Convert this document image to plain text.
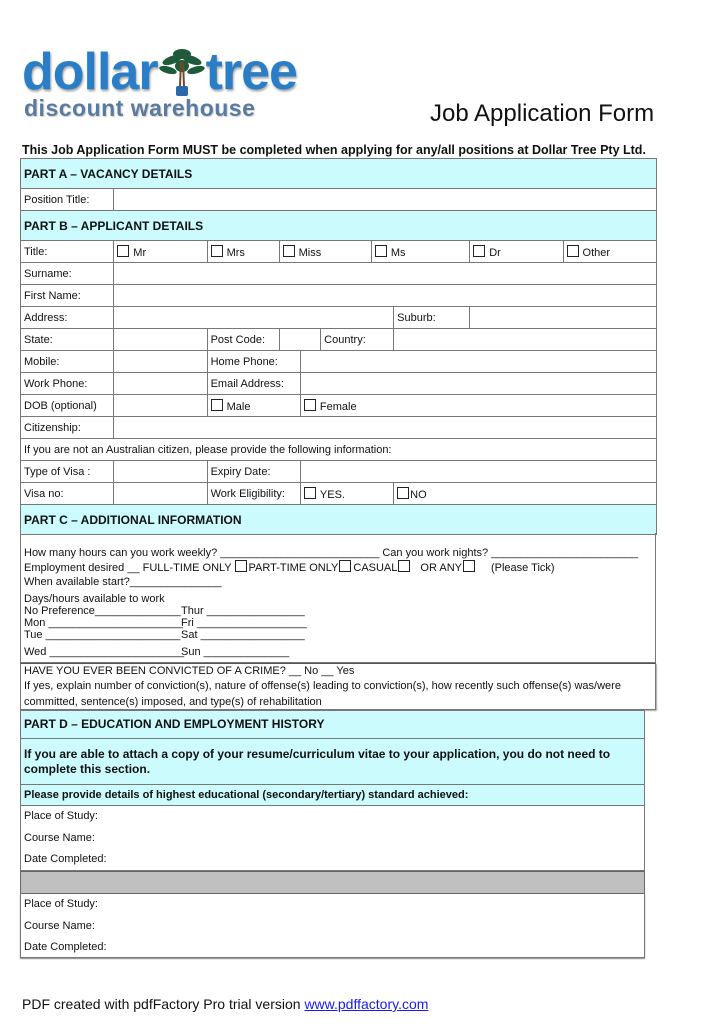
dollar tree
discount warehouse	Job Application Form
This Job Application Form MUST be completed when applying for any/all positions at Dollar Tree Pty Ltd.
PART A – VACANCY DETAILS									
Position Title:									
PART B – APPLICANT DETAILS									
Title:	Mr	Mrs	Miss			Ms		Dr	Other
Surname:									
First Name:									
Address:							Suburb:		
State:		Post Code:			Country:				
Mobile:		Home Phone:							
Work Phone:		Email Address:							
DOB (optional)		Male		Female					
Citizenship:									
If you are not an Australian citizen, please provide the following information:									
Type of Visa :		Expiry Date:							
Visa no:		Work Eligibility:		YES.			NO		
PART C – ADDITIONAL INFORMATION									
How many hours can you work weekly? __________________________ Can you work nights? ________________________
Employment desired __ FULL-TIME ONLY PART-TIME ONLY CASUAL OR ANY	(Please Tick)
When available start?_______________
Days/hours available to work
No Preference______________Thur ________________
Mon ______________________Fri __________________
Tue ______________________Sat _________________
Wed ______________________Sun ______________
HAVE YOU EVER BEEN CONVICTED OF A CRIME? __ No __ Yes
If yes, explain number of conviction(s), nature of offense(s) leading to conviction(s), how recently such offense(s) was/were
committed, sentence(s) imposed, and type(s) of rehabilitation
PART D – EDUCATION AND EMPLOYMENT HISTORY
If you are able to attach a copy of your resume/curriculum vitae to your application, you do not need to complete this section.
Please provide details of highest educational (secondary/tertiary) standard achieved:
Place of Study:
Course Name:
Date Completed:
Place of Study:
Course Name:
Date Completed:
PDF created with pdfFactory Pro trial version www.pdffactory.com
